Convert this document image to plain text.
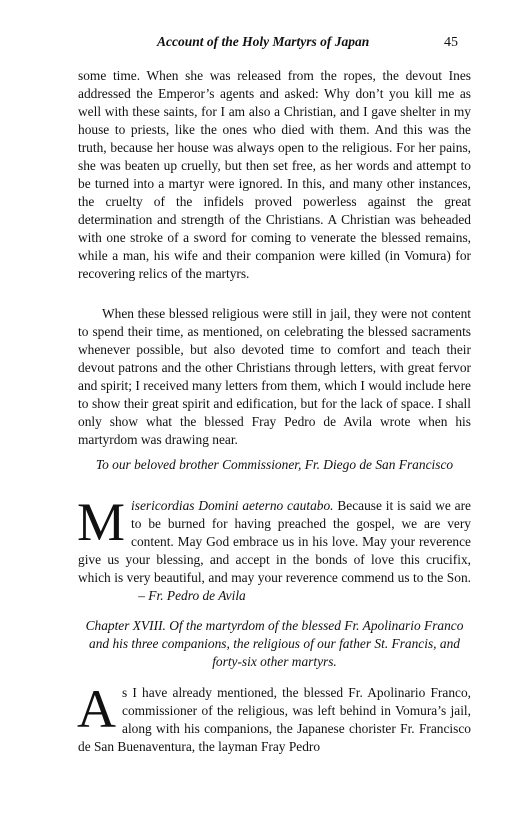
Account of the Holy Martyrs of Japan	45

some time. When she was released from the ropes, the devout Ines addressed the Emperor’s agents and asked: Why don’t you kill me as well with these saints, for I am also a Christian, and I gave shelter in my house to priests, like the ones who died with them. And this was the truth, because her house was always open to the religious. For her pains, she was beaten up cruelly, but then set free, as her words and attempt to be turned into a martyr were ignored. In this, and many other instances, the cruelty of the infidels proved powerless against the great determination and strength of the Christians. A Christian was beheaded with one stroke of a sword for coming to venerate the blessed remains, while a man, his wife and their companion were killed (in Vomura) for recovering relics of the martyrs.

When these blessed religious were still in jail, they were not content to spend their time, as mentioned, on celebrating the blessed sacraments whenever possible, but also devoted time to comfort and teach their devout patrons and the other Christians through letters, with great fervor and spirit; I received many letters from them, which I would include here to show their great spirit and edification, but for the lack of space. I shall only show what the blessed Fray Pedro de Avila wrote when his martyrdom was drawing near.

To our beloved brother Commissioner, Fr. Diego de San Francisco

Misericordias Domini aeterno cautabo. Because it is said we are to be burned for having preached the gospel, we are very content. May God embrace us in his love. May your reverence give us your blessing, and accept in the bonds of love this crucifix, which is very beautiful, and may your reverence commend us to the Son.                  – Fr. Pedro de Avila

Chapter XVIII. Of the martyrdom of the blessed Fr. Apolinario Franco and his three companions, the religious of our father St. Francis, and forty-six other martyrs.

As I have already mentioned, the blessed Fr. Apolinario Franco, commissioner of the religious, was left behind in Vomura’s jail, along with his companions, the Japanese chorister Fr. Francisco de San Buenaventura, the layman Fray Pedro
